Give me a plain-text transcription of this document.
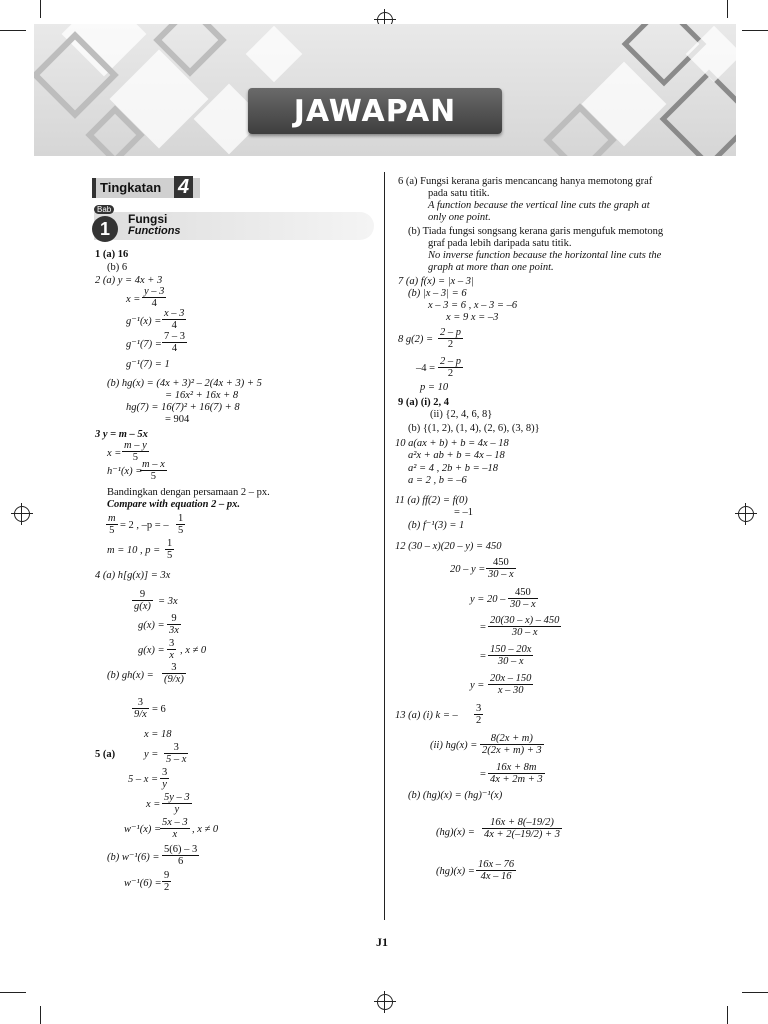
JAWAPAN
Tingkatan 4
Bab
1	Fungsi
Functions
1 (a) 16
(b) 6
2 (a) y = 4x + 3
$x = \frac{y - 3}{4}$
$g^{-1}(x) = \frac{x - 3}{4}$
$g^{-1}(7) = \frac{7 - 3}{4}$
g⁻¹(7) = 1
(b) hg(x) = (4x + 3)² – 2(4x + 3) + 5
= 16x² + 16x + 8
hg(7) = 16(7)² + 16(7) + 8
= 904
3 y = m – 5x
$x = \frac{m - y}{5}$
h⁻¹(x) =
$\frac{m - x}{5}$
Bandingkan dengan persamaan 2 – px.
Compare with equation 2 – px.
$\frac{m}{5} = 2$ , –p = – $\frac{1}{5}$
m = 10 , $p = \frac{1}{5}$
4 (a) h[g(x)] = 3x
$\frac{9}{g(x)} = 3x$
$g(x) = \frac{9}{3x}$
$g(x) = \frac{3}{x}$ , x ≠ 0
(b) $gh(x) = \frac{3}{(9/x)}$
$\frac{3}{9/x} = 6$
x = 18
5 (a)	$y = \frac{3}{5 - x}$
$5 - x = \frac{3}{y}$
$x = \frac{5y - 3}{y}$
w⁻¹(x) =
$\frac{5x - 3}{x}$ , x ≠ 0
(b) $w^{-1}(6) = \frac{5(6) - 3}{6}$
$w^{-1}(6) = \frac{9}{2}$
6 (a) Fungsi kerana garis mencancang hanya memotong graf
pada satu titik.
A function because the vertical line cuts the graph at
only one point.
(b) Tiada fungsi songsang kerana garis mengufuk memotong
graf pada lebih daripada satu titik.
No inverse function because the horizontal line cuts the
graph at more than one point.
7 (a) f(x) = |x – 3|
(b) |x – 3| = 6
x – 3 = 6 , x – 3 = –6
x = 9 x = –3
8 $g(2) = \frac{2 - p}{2}$
$-4 = \frac{2 - p}{2}$
p = 10
9 (a) (i) 2, 4
(ii) {2, 4, 6, 8}
(b) {(1, 2), (1, 4), (2, 6), (3, 8)}
10 a(ax + b) + b = 4x – 18
a²x + ab + b = 4x – 18
a² = 4 , 2b + b = –18
a = 2 , b = –6
11 (a) ff(2) = f(0)
= –1
(b) f⁻¹(3) = 1
12 (30 – x)(20 – y) = 450
$20 - y = \frac{450}{30 - x}$
$y = 20 - \frac{450}{30 - x}$
= $\frac{20(30 - x) - 450}{30 - x}$
= $\frac{150 - 20x}{30 - x}$
$y = \frac{20x - 150}{x - 30}$
13 (a) (i) k = – $\frac{3}{2}$
(ii) $hg(x) = \frac{8(2x + m)}{2(2x + m) + 3}$
= $\frac{16x + 8m}{4x + 2m + 3}$
(b) (hg)(x) = (hg)⁻¹(x)
$(hg)(x) = \frac{16x + 8(-19/2)}{4x + 2(-19/2) + 3}$
$(hg)(x) = \frac{16x - 76}{4x - 16}$
J1
